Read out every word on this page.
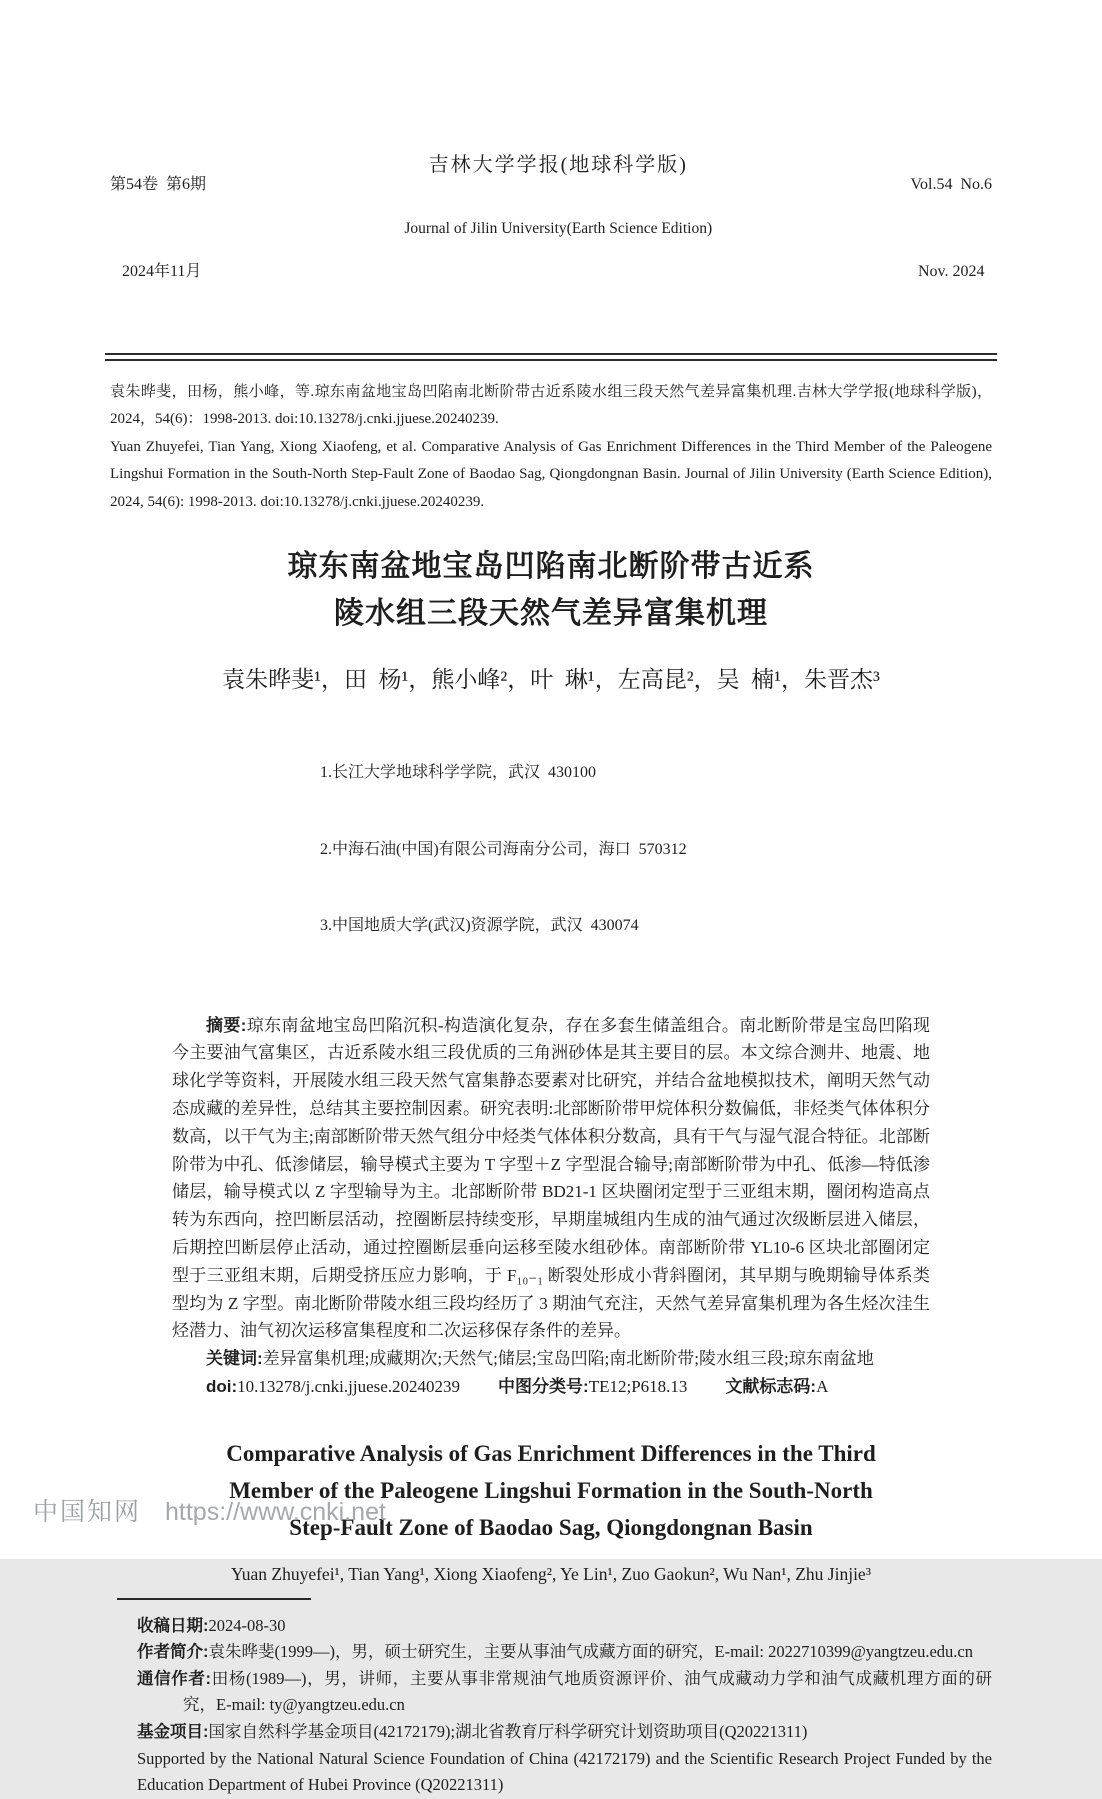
第54卷  第6期

2024年11月

吉林大学学报(地球科学版)

Journal of Jilin University(Earth Science Edition)

Vol.54  No.6

Nov. 2024

袁朱晔斐，田杨，熊小峰，等.琼东南盆地宝岛凹陷南北断阶带古近系陵水组三段天然气差异富集机理.吉林大学学报(地球科学版)，2024，54(6)：1998-2013. doi:10.13278/j.cnki.jjuese.20240239.

Yuan Zhuyefei, Tian Yang, Xiong Xiaofeng, et al. Comparative Analysis of Gas Enrichment Differences in the Third Member of the Paleogene Lingshui Formation in the South-North Step-Fault Zone of Baodao Sag, Qiongdongnan Basin. Journal of Jilin University (Earth Science Edition), 2024, 54(6): 1998-2013. doi:10.13278/j.cnki.jjuese.20240239.

琼东南盆地宝岛凹陷南北断阶带古近系
陵水组三段天然气差异富集机理
袁朱晔斐¹，田  杨¹，熊小峰²，叶  琳¹，左高昆²，吴  楠¹，朱晋杰³

1.长江大学地球科学学院，武汉  430100

2.中海石油(中国)有限公司海南分公司，海口  570312

3.中国地质大学(武汉)资源学院，武汉  430074

摘要:琼东南盆地宝岛凹陷沉积-构造演化复杂，存在多套生储盖组合。南北断阶带是宝岛凹陷现今主要油气富集区，古近系陵水组三段优质的三角洲砂体是其主要目的层。本文综合测井、地震、地球化学等资料，开展陵水组三段天然气富集静态要素对比研究，并结合盆地模拟技术，阐明天然气动态成藏的差异性，总结其主要控制因素。研究表明:北部断阶带甲烷体积分数偏低，非烃类气体体积分数高，以干气为主;南部断阶带天然气组分中烃类气体体积分数高，具有干气与湿气混合特征。北部断阶带为中孔、低渗储层，输导模式主要为 T 字型＋Z 字型混合输导;南部断阶带为中孔、低渗—特低渗储层，输导模式以 Z 字型输导为主。北部断阶带 BD21-1 区块圈闭定型于三亚组末期，圈闭构造高点转为东西向，控凹断层活动，控圈断层持续变形，早期崖城组内生成的油气通过次级断层进入储层，后期控凹断层停止活动，通过控圈断层垂向运移至陵水组砂体。南部断阶带 YL10-6 区块北部圈闭定型于三亚组末期，后期受挤压应力影响，于 F₁₀₋₁ 断裂处形成小背斜圈闭，其早期与晚期输导体系类型均为 Z 字型。南北断阶带陵水组三段均经历了 3 期油气充注，天然气差异富集机理为各生烃次洼生烃潜力、油气初次运移富集程度和二次运移保存条件的差异。

关键词:差异富集机理;成藏期次;天然气;储层;宝岛凹陷;南北断阶带;陵水组三段;琼东南盆地

doi:10.13278/j.cnki.jjuese.20240239 中图分类号:TE12;P618.13 文献标志码:A

Comparative Analysis of Gas Enrichment Differences in the Third
Member of the Paleogene Lingshui Formation in the South-North
Step-Fault Zone of Baodao Sag, Qiongdongnan Basin
Yuan Zhuyefei¹, Tian Yang¹, Xiong Xiaofeng², Ye Lin¹, Zuo Gaokun², Wu Nan¹, Zhu Jinjie³

收稿日期:2024-08-30

作者简介:袁朱晔斐(1999—)，男，硕士研究生，主要从事油气成藏方面的研究，E-mail: 2022710399@yangtzeu.edu.cn

通信作者:田杨(1989—)，男，讲师，主要从事非常规油气地质资源评价、油气成藏动力学和油气成藏机理方面的研究，E-mail: ty@yangtzeu.edu.cn

基金项目:国家自然科学基金项目(42172179);湖北省教育厅科学研究计划资助项目(Q20221311)

Supported by the National Natural Science Foundation of China (42172179) and the Scientific Research Project Funded by the Education Department of Hubei Province (Q20221311)

中国知网 https://www.cnki.net
